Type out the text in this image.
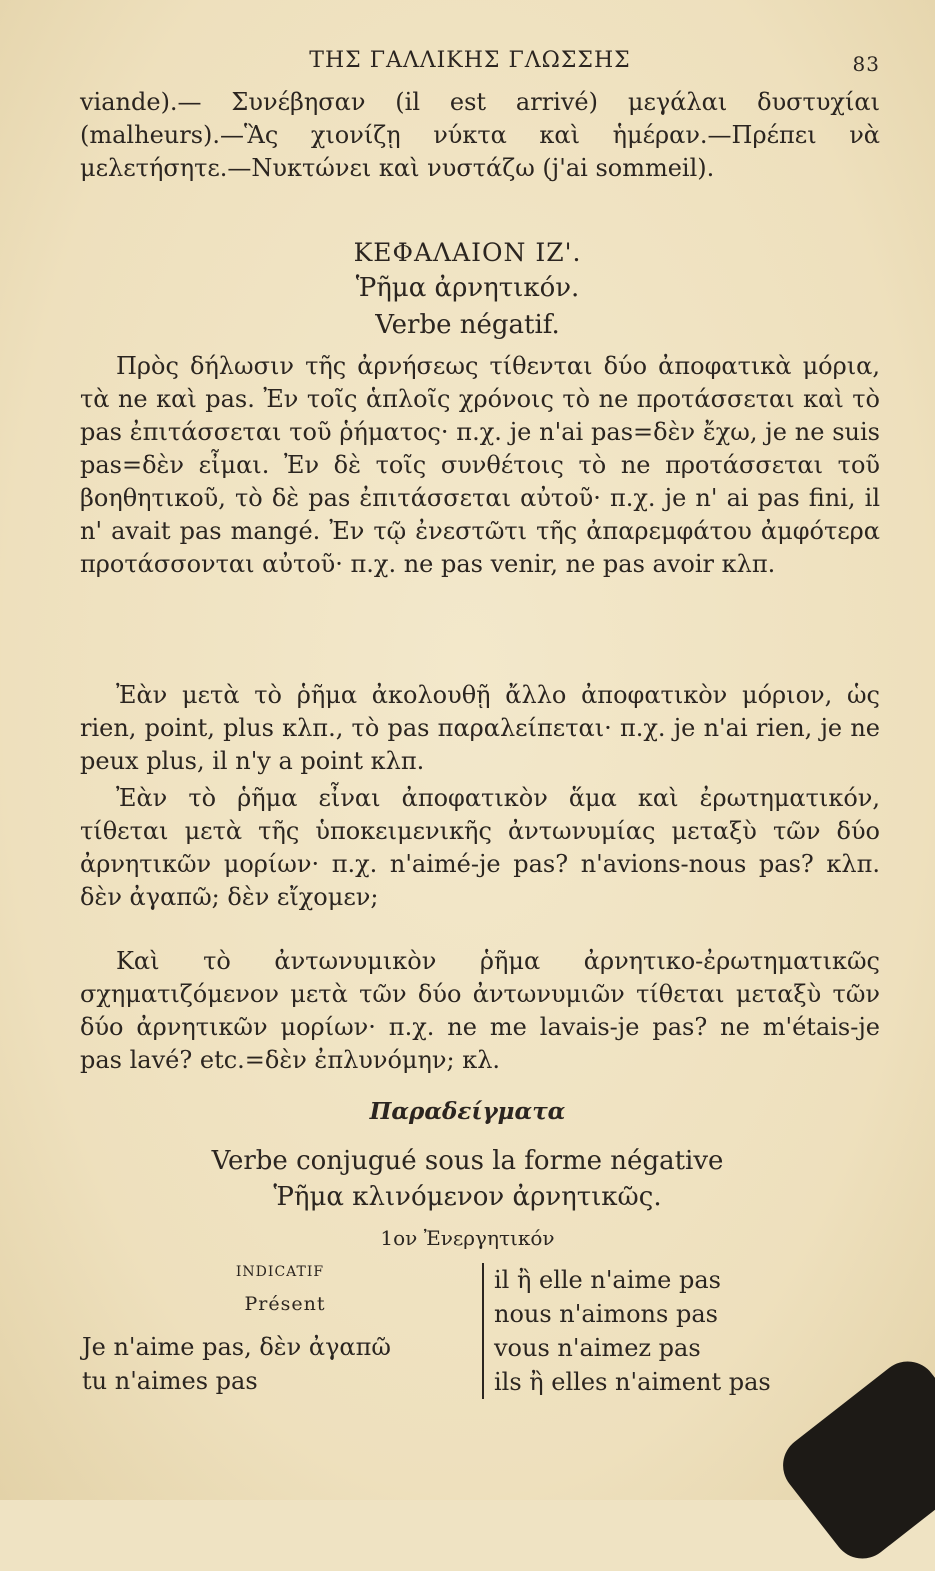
ΤΗΣ ΓΑΛΛΙΚΗΣ ΓΛΩΣΣΗΣ	83
viande).— Συνέβησαν (il est arrivé) μεγάλαι δυστυχίαι (malheurs).—Ἃς χιονίζῃ νύκτα καὶ ἡμέραν.—Πρέπει νὰ μελετήσητε.—Νυκτώνει καὶ νυστάζω (j'ai sommeil).
ΚΕΦΑΛΑΙΟΝ ΙΖ'.
Ῥῆμα ἀρνητικόν.
Verbe négatif.
Πρὸς δήλωσιν τῆς ἀρνήσεως τίθενται δύο ἀποφατικὰ μόρια, τὰ ne καὶ pas. Ἐν τοῖς ἁπλοῖς χρόνοις τὸ ne προτάσσεται καὶ τὸ pas ἐπιτάσσεται τοῦ ῥήματος· π.χ. je n'ai pas=δὲν ἔχω, je ne suis pas=δὲν εἶμαι. Ἐν δὲ τοῖς συνθέτοις τὸ ne προτάσσεται τοῦ βοηθητικοῦ, τὸ δὲ pas ἐπιτάσσεται αὐτοῦ· π.χ. je n' ai pas fini, il n' avait pas mangé. Ἐν τῷ ἐνεστῶτι τῆς ἀπαρεμφάτου ἀμφότερα προτάσσονται αὐτοῦ· π.χ. ne pas venir, ne pas avoir κλπ.
Ἐὰν μετὰ τὸ ῥῆμα ἀκολουθῇ ἄλλο ἀποφατικὸν μόριον, ὡς rien, point, plus κλπ., τὸ pas παραλείπεται· π.χ. je n'ai rien, je ne peux plus, il n'y a point κλπ.
Ἐὰν τὸ ῥῆμα εἶναι ἀποφατικὸν ἅμα καὶ ἐρωτηματικόν, τίθεται μετὰ τῆς ὑποκειμενικῆς ἀντωνυμίας μεταξὺ τῶν δύο ἀρνητικῶν μορίων· π.χ. n'aimé-je pas? n'avions-nous pas? κλπ. δὲν ἀγαπῶ; δὲν εἴχομεν;
Καὶ τὸ ἀντωνυμικὸν ῥῆμα ἀρνητικο-ἐρωτηματικῶς σχηματιζόμενον μετὰ τῶν δύο ἀντωνυμιῶν τίθεται μεταξὺ τῶν δύο ἀρνητικῶν μορίων· π.χ. ne me lavais-je pas? ne m'étais-je pas lavé? etc.=δὲν ἐπλυνόμην; κλ.
Παραδείγματα
Verbe conjugué sous la forme négative
Ῥῆμα κλινόμενον ἀρνητικῶς.
1ον Ἐνεργητικόν
INDICATIF
Présent
Je n'aime pas, δὲν ἀγαπῶ
tu n'aimes pas
il ἢ elle n'aime pas
nous n'aimons pas
vous n'aimez pas
ils ἢ elles n'aiment pas
